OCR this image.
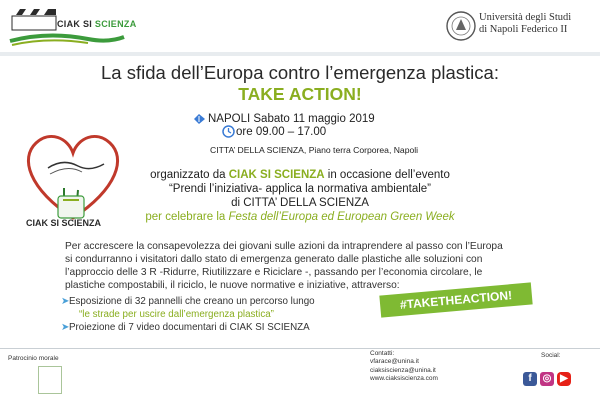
CIAK SI SCIENZA
Università degli Studi
di Napoli Federico II
La sfida dell’Europa contro l’emergenza plastica:
TAKE ACTION!
NAPOLI Sabato 11 maggio 2019
ore 09.00 – 17.00
CITTA’ DELLA SCIENZA, Piano terra Corporea, Napoli
CIAK SI SCIENZA
organizzato da CIAK SI SCIENZA in occasione dell’evento
“Prendi l’iniziativa- applica la normativa ambientale”
di CITTA’ DELLA SCIENZA
per celebrare la Festa dell’Europa ed European Green Week
Per accrescere la consapevolezza dei giovani sulle azioni da intraprendere al passo con l’Europa
si condurranno i visitatori dallo stato di emergenza generato dalle plastiche alle soluzioni con
l’approccio delle 3 R -Ridurre, Riutilizzare e Riciclare -, passando per l’economia circolare, le
plastiche compostabili, il riciclo, le nuove normative e iniziative, attraverso:
➤Esposizione di 32 pannelli che creano un percorso lungo
“le strade per uscire dall’emergenza plastica”
➤Proiezione di 7 video documentari di CIAK SI SCIENZA
#TAKETHEACTION!
Patrocinio morale
Contatti:
vfarace@unina.it
ciaksiscienza@unina.it
www.ciaksiscienza.com
Social:
f	◎ ▶
